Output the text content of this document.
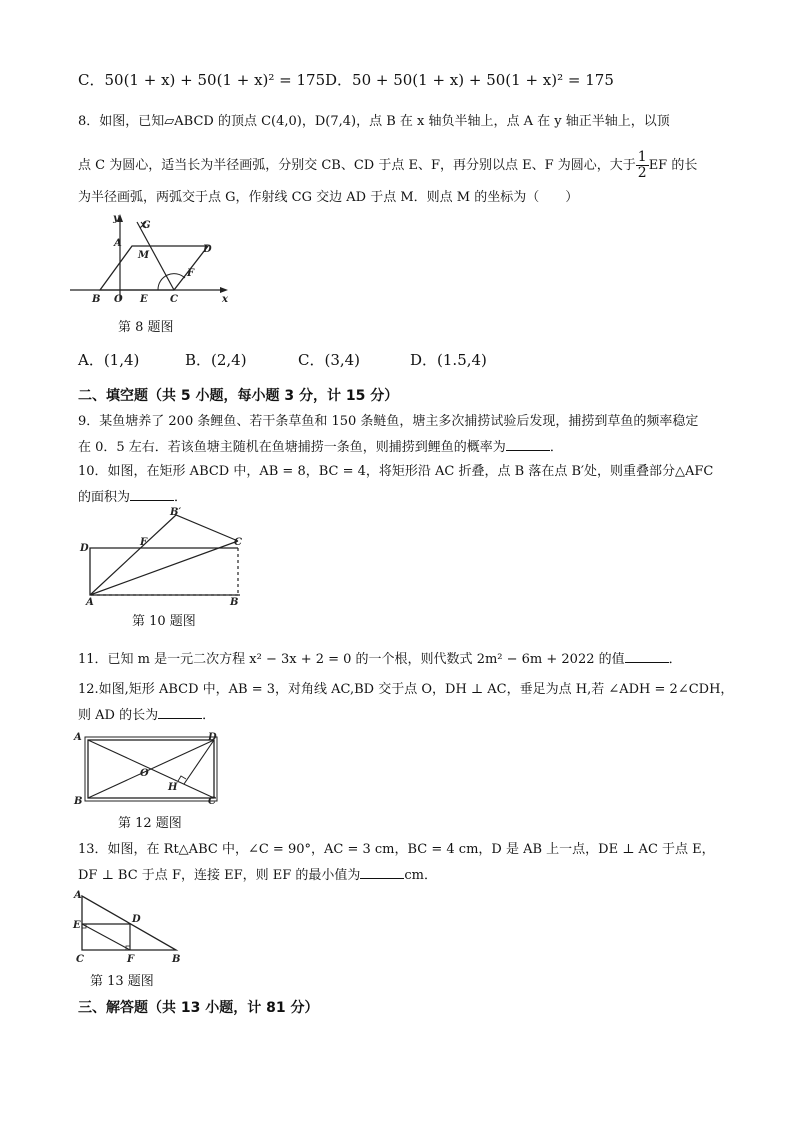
C．50(1 + x) + 50(1 + x)² = 175 D．50 + 50(1 + x) + 50(1 + x)² = 175
8．如图，已知▱ABCD 的顶点 C(4,0)，D(7,4)，点 B 在 x 轴负半轴上，点 A 在 y 轴正半轴上，以顶
点 C 为圆心，适当长为半径画弧，分别交 CB、CD 于点 E、F，再分别以点 E、F 为圆心，大于 $\frac{1}{2}$ EF 的长
为半径画弧，两弧交于点 G，作射线 CG 交边 AD 于点 M．则点 M 的坐标为（　　）
y
G
A
D
M
F
B O E C	x
第 8 题图
A．(1,4)	B．(2,4)	C．(3,4)	D．(1.5,4)
二、填空题（共 5 小题，每小题 3 分，计 15 分）
9．某鱼塘养了 200 条鲤鱼、若干条草鱼和 150 条鲢鱼，塘主多次捕捞试验后发现，捕捞到草鱼的频率稳定
在 0．5 左右．若该鱼塘主随机在鱼塘捕捞一条鱼，则捕捞到鲤鱼的概率为	．
10．如图，在矩形 ABCD 中，AB = 8，BC = 4，将矩形沿 AC 折叠，点 B 落在点 B′处，则重叠部分△AFC
的面积为	．
B′
D
F	C
A	B
第 10 题图
11．已知 m 是一元二次方程 x² − 3x + 2 = 0 的一个根，则代数式 2m² − 6m + 2022 的值	．
12.如图,矩形 ABCD 中，AB = 3，对角线 AC,BD 交于点 O，DH ⊥ AC，垂足为点 H,若 ∠ADH = 2∠CDH，
则 AD 的长为	．
A	D
O
H
B	C
第 12 题图
13．如图，在 Rt△ABC 中，∠C = 90°，AC = 3 cm，BC = 4 cm，D 是 AB 上一点，DE ⊥ AC 于点 E，
DF ⊥ BC 于点 F，连接 EF，则 EF 的最小值为	cm．
A
D
E
C	F	B
第 13 题图
三、解答题（共 13 小题，计 81 分）
